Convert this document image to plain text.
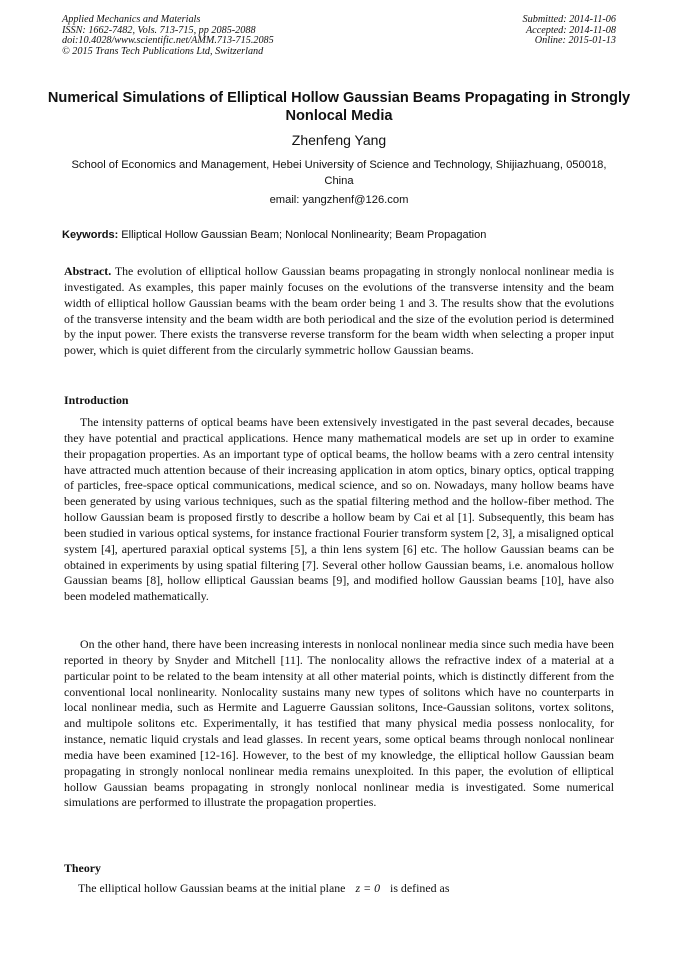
Applied Mechanics and Materials
ISSN: 1662-7482, Vols. 713-715, pp 2085-2088
doi:10.4028/www.scientific.net/AMM.713-715.2085
© 2015 Trans Tech Publications Ltd, Switzerland
Submitted: 2014-11-06
Accepted: 2014-11-08
Online: 2015-01-13
Numerical Simulations of Elliptical Hollow Gaussian Beams Propagating in Strongly Nonlocal Media

Zhenfeng Yang

School of Economics and Management, Hebei University of Science and Technology, Shijiazhuang, 050018, China

email: yangzhenf@126.com

Keywords: Elliptical Hollow Gaussian Beam; Nonlocal Nonlinearity; Beam Propagation

Abstract. The evolution of elliptical hollow Gaussian beams propagating in strongly nonlocal nonlinear media is investigated. As examples, this paper mainly focuses on the evolutions of the transverse intensity and the beam width of elliptical hollow Gaussian beams with the beam order being 1 and 3. The results show that the evolutions of the transverse intensity and the beam width are both periodical and the size of the evolution period is determined by the input power. There exists the transverse reverse transform for the beam width when selecting a proper input power, which is quiet different from the circularly symmetric hollow Gaussian beams.

Introduction

The intensity patterns of optical beams have been extensively investigated in the past several decades, because they have potential and practical applications. Hence many mathematical models are set up in order to examine their propagation properties. As an important type of optical beams, the hollow beams with a zero central intensity have attracted much attention because of their increasing application in atom optics, binary optics, optical trapping of particles, free-space optical communications, medical science, and so on. Nowadays, many hollow beams have been generated by using various techniques, such as the spatial filtering method and the hollow-fiber method. The hollow Gaussian beam is proposed firstly to describe a hollow beam by Cai et al [1]. Subsequently, this beam has been studied in various optical systems, for instance fractional Fourier transform system [2, 3], a misaligned optical system [4], apertured paraxial optical systems [5], a thin lens system [6] etc. The hollow Gaussian beams can be obtained in experiments by using spatial filtering [7]. Several other hollow Gaussian beams, i.e. anomalous hollow Gaussian beams [8], hollow elliptical Gaussian beams [9], and modified hollow Gaussian beams [10], have also been modeled mathematically.

On the other hand, there have been increasing interests in nonlocal nonlinear media since such media have been reported in theory by Snyder and Mitchell [11]. The nonlocality allows the refractive index of a material at a particular point to be related to the beam intensity at all other material points, which is distinctly different from the conventional local nonlinearity. Nonlocality sustains many new types of solitons which have no counterparts in local nonlinear media, such as Hermite and Laguerre Gaussian solitons, Ince-Gaussian solitons, vortex solitons, and multipole solitons etc. Experimentally, it has testified that many physical media possess nonlocality, for instance, nematic liquid crystals and lead glasses. In recent years, some optical beams through nonlocal nonlinear media have been examined [12-16]. However, to the best of my knowledge, the elliptical hollow Gaussian beam propagating in strongly nonlocal nonlinear media remains unexploited. In this paper, the evolution of elliptical hollow Gaussian beams propagating in strongly nonlocal nonlinear media is investigated. Some numerical simulations are performed to illustrate the propagation properties.

Theory

The elliptical hollow Gaussian beams at the initial plane z = 0 is defined as
